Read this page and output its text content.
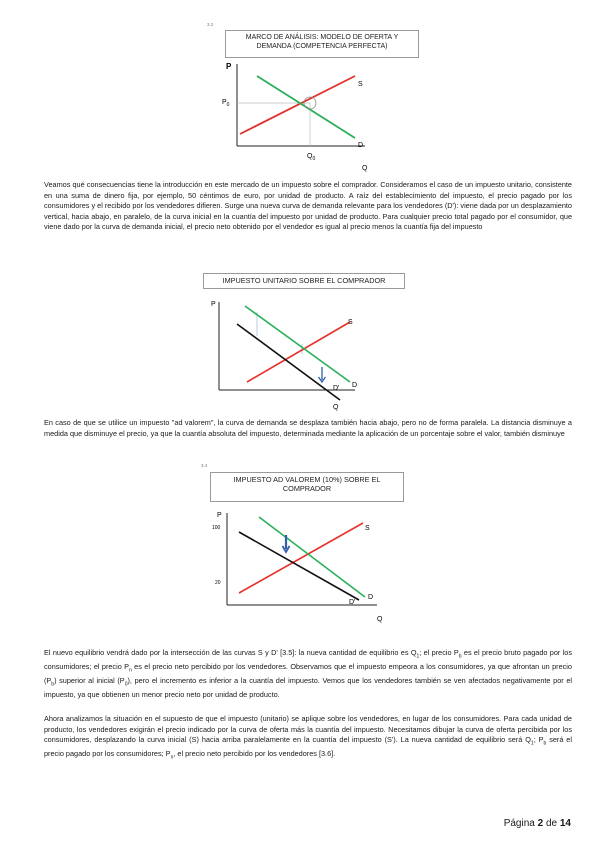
3.2
MARCO DE ANÁLISIS: MODELO DE OFERTA Y
DEMANDA (COMPETENCIA PERFECTA)
P
$P_0$
S
D
$Q_0$
Q
Veamos qué consecuencias tiene la introducción en este mercado de un impuesto sobre el comprador. Consideramos el caso de un impuesto unitario, consistente en una suma de dinero fija, por ejemplo, 50 céntimos de euro, por unidad de producto. A raíz del establecimiento del impuesto, el precio pagado por los consumidores y el recibido por los vendedores difieren. Surge una nueva curva de demanda relevante para los vendedores (D'): viene dada por un desplazamiento vertical, hacia abajo, en paralelo, de la curva inicial en la cuantía del impuesto por unidad de producto. Para cualquier precio total pagado por el consumidor, que viene dado por la curva de demanda inicial, el precio neto obtenido por el vendedor es igual al precio menos la cuantía fija del impuesto
IMPUESTO UNITARIO SOBRE EL COMPRADOR
P
S
D
D'
Q
En caso de que se utilice un impuesto "ad valorem", la curva de demanda se desplaza también hacia abajo, pero no de forma paralela. La distancia disminuye a medida que disminuye el precio, ya que la cuantía absoluta del impuesto, determinada mediante la aplicación de un porcentaje sobre el valor, también disminuye
3.4
IMPUESTO AD VALOREM (10%) SOBRE EL
COMPRADOR
P
100
20
S
D
D'
Q
El nuevo equilibrio vendrá dado por la intersección de las curvas S y D' [3.5]: la nueva cantidad de equilibrio es $Q_1$; el precio $P_b$ es el precio bruto pagado por los consumidores; el precio $P_n$ es el precio neto percibido por los vendedores. Observamos que el impuesto empeora a los consumidores, ya que afrontan un precio $(P_b)$ superior al inicial $(P_0)$, pero el incremento es inferior a la cuantía del impuesto. Vemos que los vendedores también se ven afectados negativamente por el impuesto, ya que obtienen un menor precio neto por unidad de producto.
Ahora analizamos la situación en el supuesto de que el impuesto (unitario) se aplique sobre los vendedores, en lugar de los consumidores. Para cada unidad de producto, los vendedores exigirán el precio indicado por la curva de oferta más la cuantía del impuesto. Necesitamos dibujar la curva de oferta percibida por los consumidores, desplazando la curva inicial (S) hacia arriba paralelamente en la cuantía del impuesto (S'). La nueva cantidad de equilibrio será $Q_1$; $P_b$ será el precio pagado por los consumidores; $P_n$, el precio neto percibido por los vendedores [3.6].
Página 2 de 14
